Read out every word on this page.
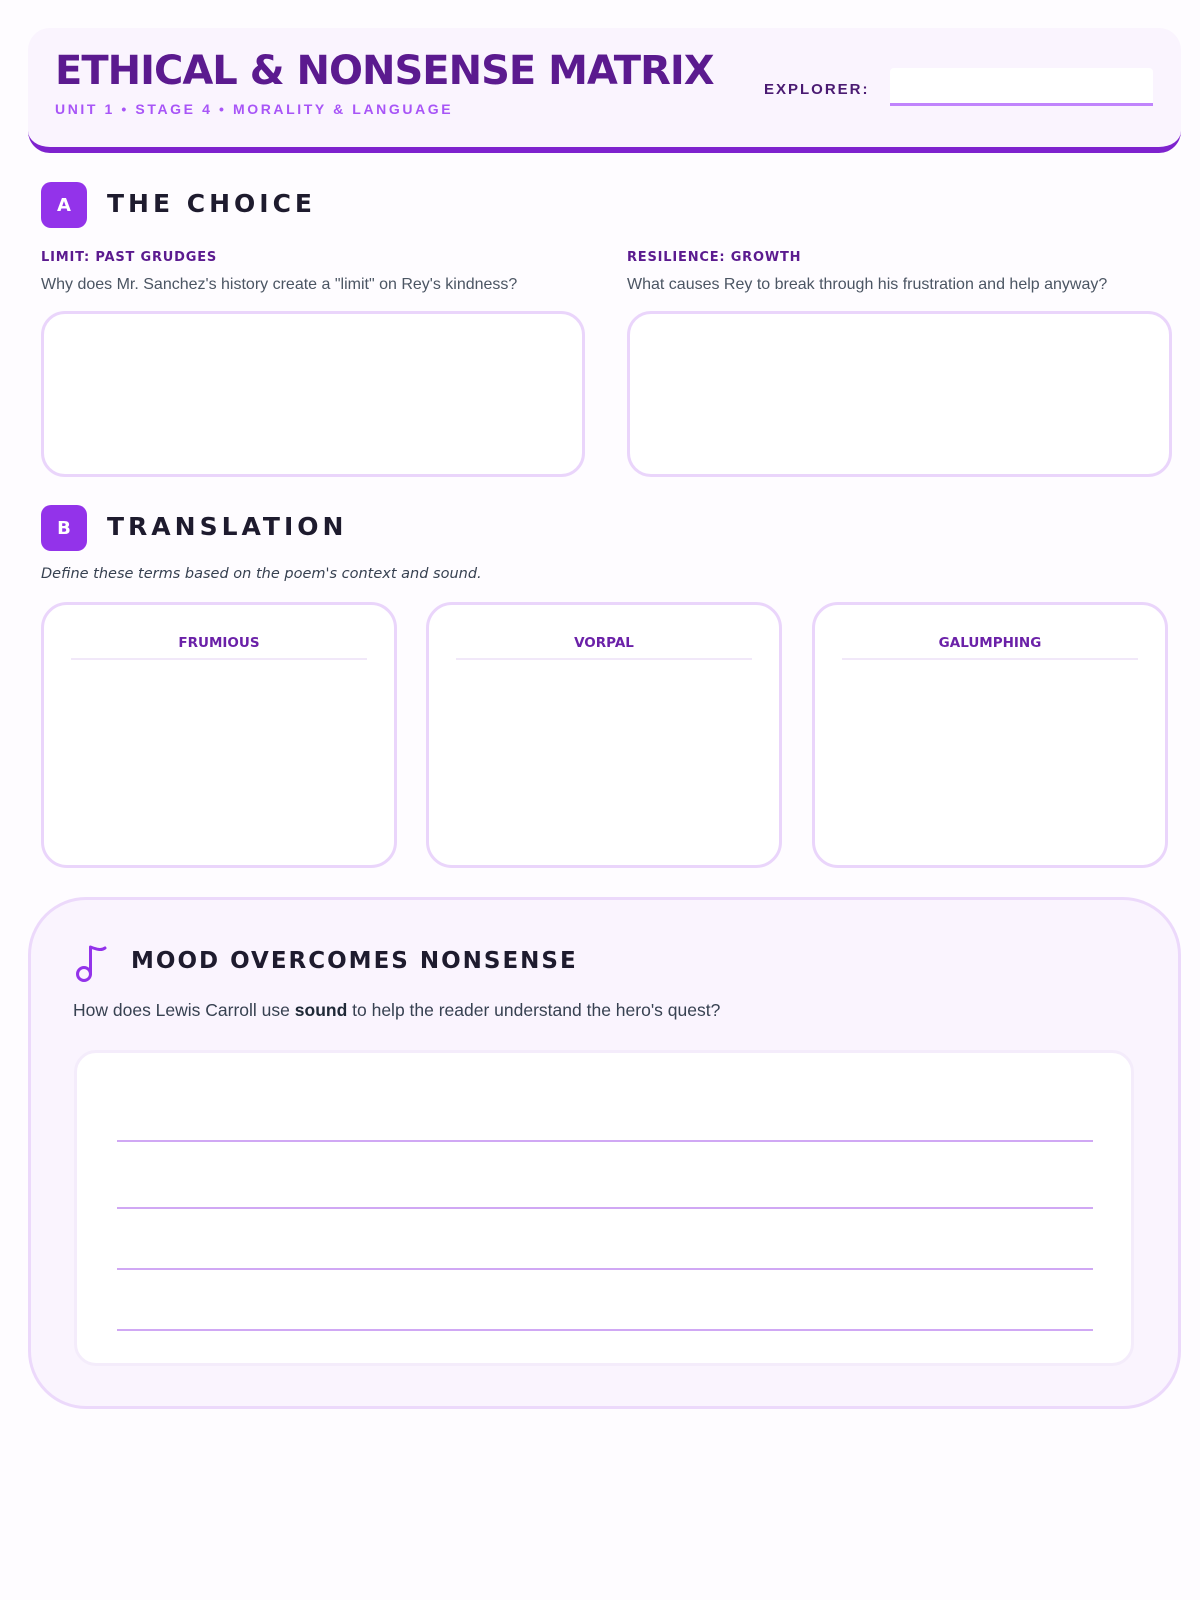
ETHICAL & NONSENSE MATRIX
UNIT 1 • STAGE 4 • MORALITY & LANGUAGE
EXPLORER:
A	THE CHOICE
LIMIT: PAST GRUDGES
Why does Mr. Sanchez's history create a "limit" on Rey's kindness?
RESILIENCE: GROWTH
What causes Rey to break through his frustration and help anyway?
B	TRANSLATION
Define these terms based on the poem's context and sound.
FRUMIOUS	VORPAL	GALUMPHING
MOOD OVERCOMES NONSENSE
How does Lewis Carroll use sound to help the reader understand the hero's quest?
